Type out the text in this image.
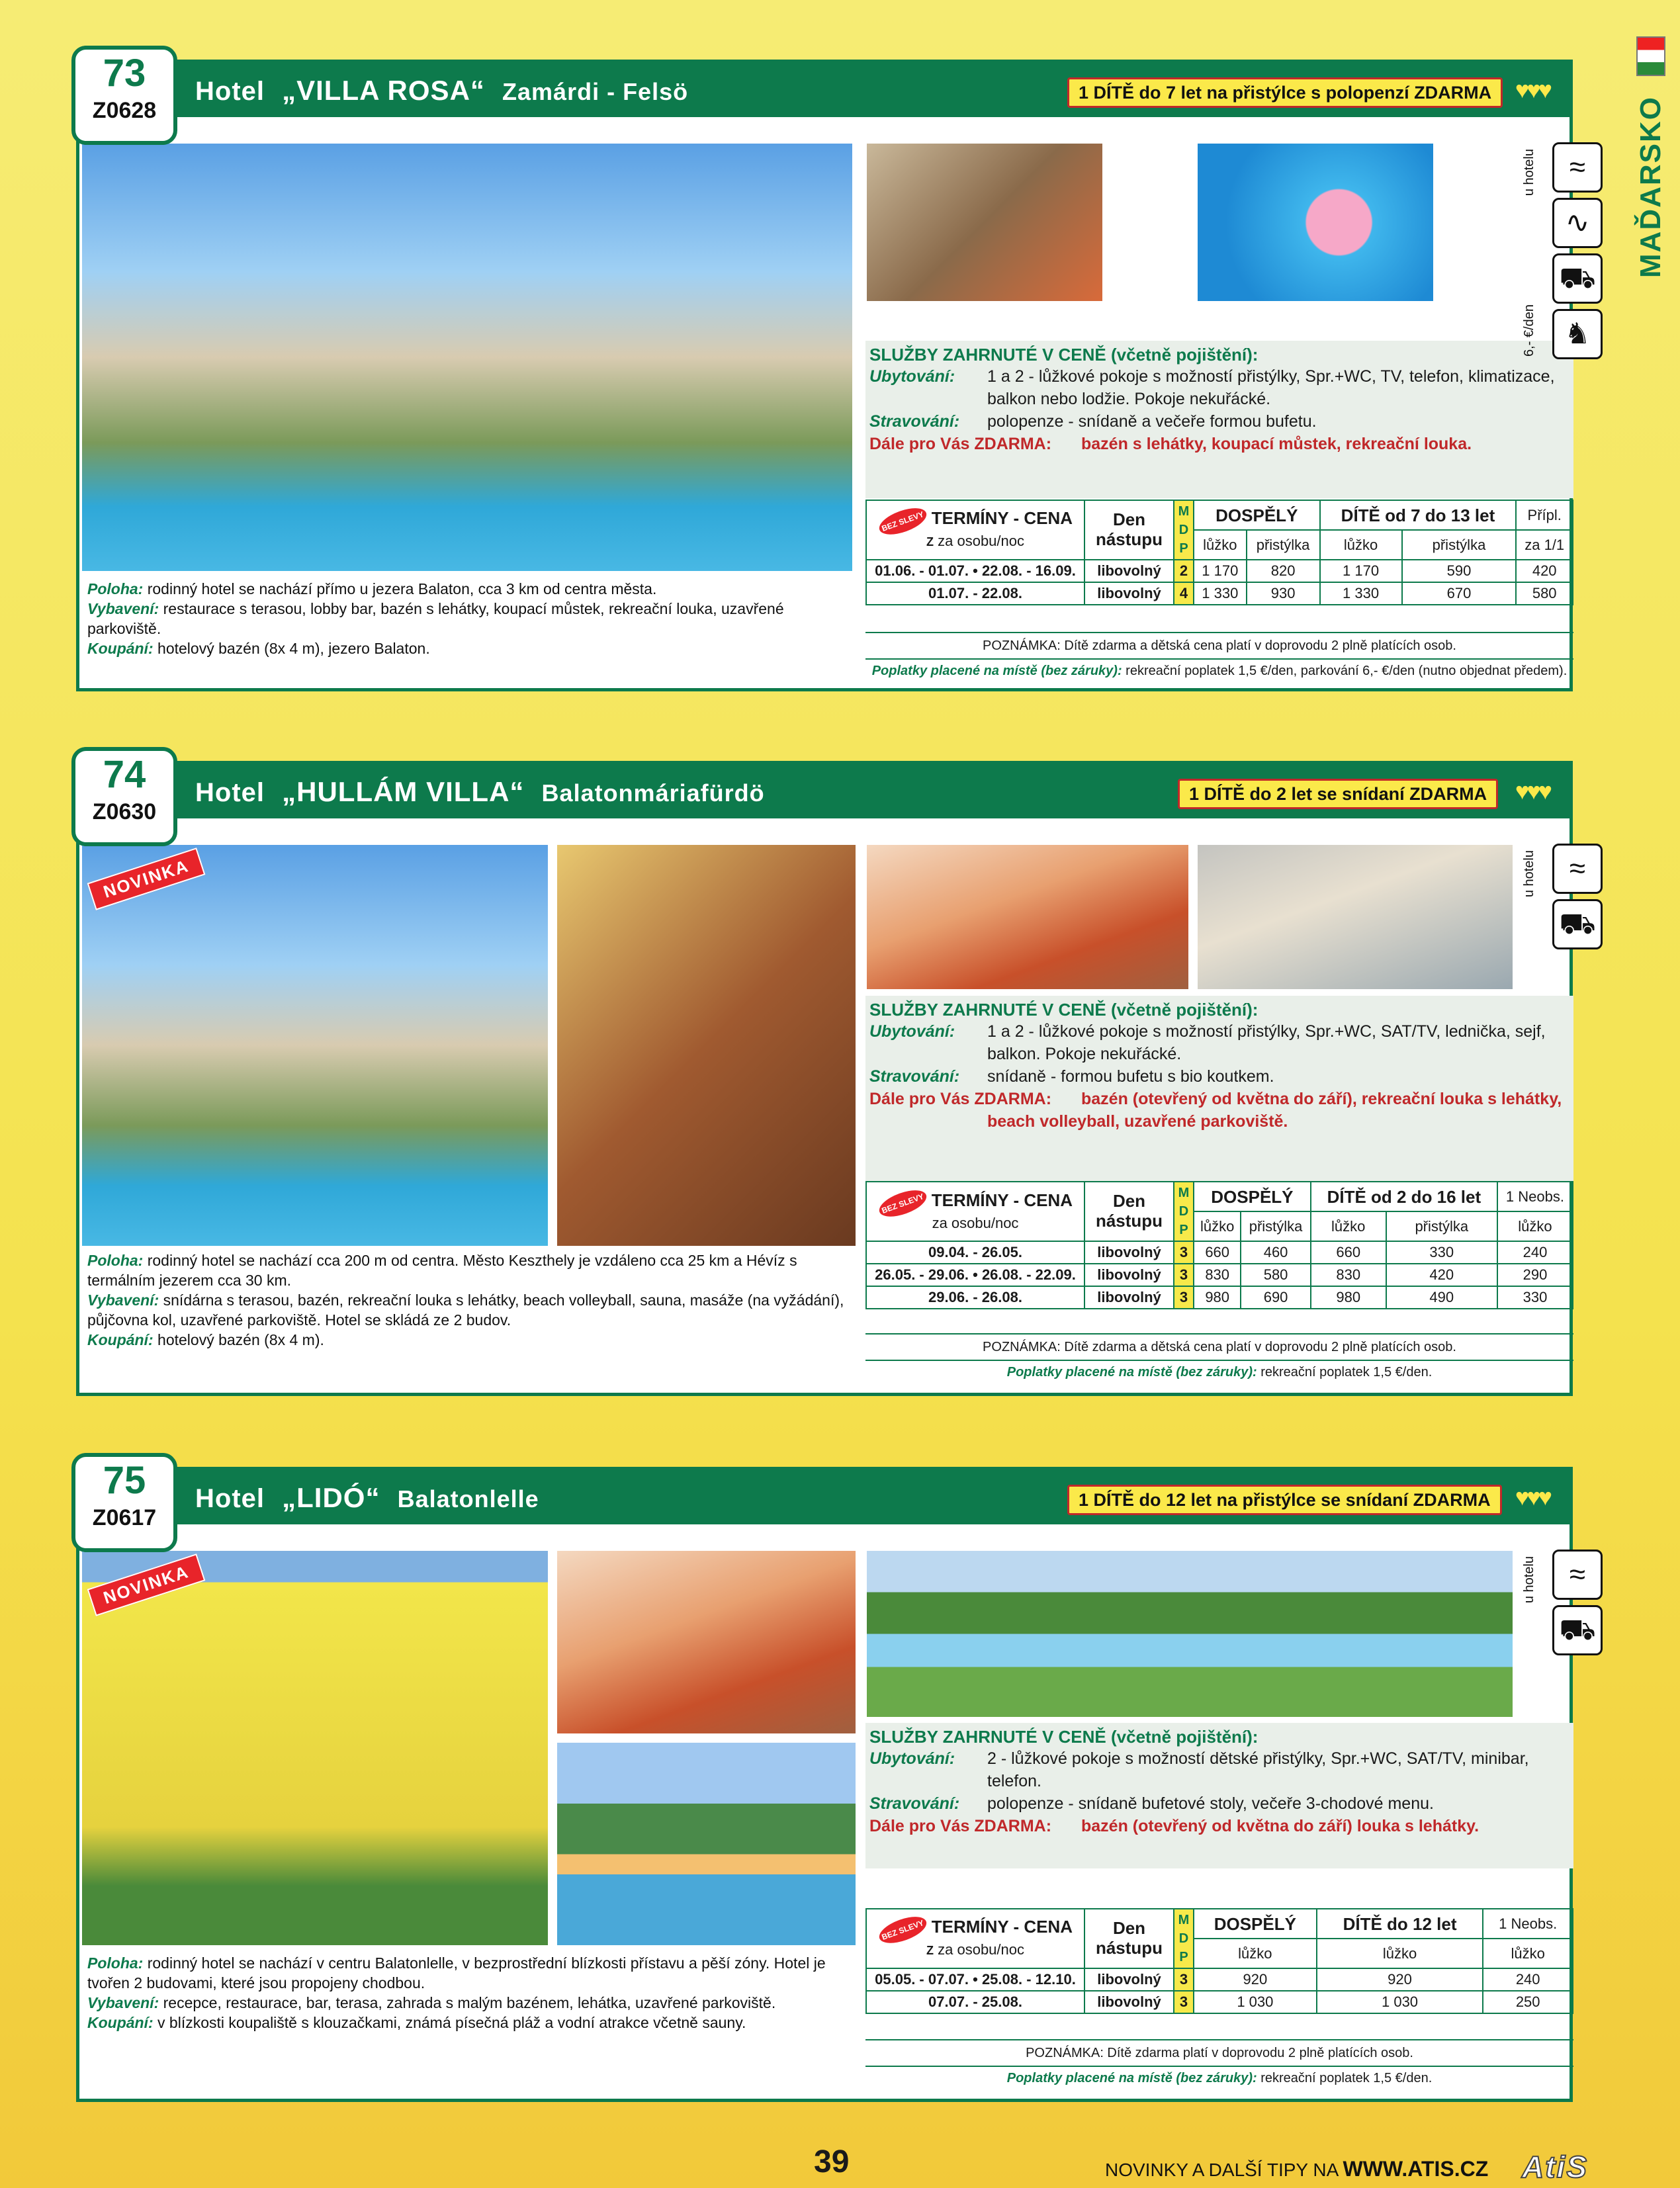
MAĎARSKO
73
Z0628
Hotel „VILLA ROSA“ Zamárdi - Felsö	1 DÍTĚ do 7 let na přistýlce s polopenzí ZDARMA ♥♥♥
Poloha: rodinný hotel se nachází přímo u jezera Balaton, cca 3 km od centra města.
Vybavení: restaurace s terasou, lobby bar, bazén s lehátky, koupací můstek, rekreační louka, uzavřené parkoviště.
Koupání: hotelový bazén (8x 4 m), jezero Balaton.
SLUŽBY ZAHRNUTÉ V CENĚ (včetně pojištění):

Ubytování: 1 a 2 - lůžkové pokoje s možností přistýlky, Spr.+WC, TV, telefon, klimatizace, balkon nebo lodžie. Pokoje nekuřácké.

Stravování: polopenze - snídaně a večeře formou bufetu.

Dále pro Vás ZDARMA: bazén s lehátky, koupací můstek, rekreační louka.

u hotelu
6,- €/den
≈
∿
⛟
♞
BEZ SLEVY TERMÍNY - CENA
Z za osobu/noc	Den
nástupu	M D P	DOSPĚLÝ		DÍTĚ od 7 do 13 let		Přípl.
			lůžko	přistýlka	lůžko	přistýlka	za 1/1
01.06. - 01.07. • 22.08. - 16.09.	libovolný	2	1 170	820	1 170	590	420
01.07. - 22.08.	libovolný	4	1 330	930	1 330	670	580
POZNÁMKA: Dítě zdarma a dětská cena platí v doprovodu 2 plně platících osob.
Poplatky placené na místě (bez záruky): rekreační poplatek 1,5 €/den, parkování 6,- €/den (nutno objednat předem).
74
Z0630
Hotel „HULLÁM VILLA“ Balatonmáriafürdö	1 DÍTĚ do 2 let se snídaní ZDARMA	♥♥♥
NOVINKA
Poloha: rodinný hotel se nachází cca 200 m od centra. Město Keszthely je vzdáleno cca 25 km a Hévíz s termálním jezerem cca 30 km.
Vybavení: snídárna s terasou, bazén, rekreační louka s lehátky, beach volleyball, sauna, masáže (na vyžádání), půjčovna kol, uzavřené parkoviště. Hotel se skládá ze 2 budov.
Koupání: hotelový bazén (8x 4 m).
SLUŽBY ZAHRNUTÉ V CENĚ (včetně pojištění):

Ubytování: 1 a 2 - lůžkové pokoje s možností přistýlky, Spr.+WC, SAT/TV, lednička, sejf, balkon. Pokoje nekuřácké.

Stravování: snídaně - formou bufetu s bio koutkem.

Dále pro Vás ZDARMA: bazén (otevřený od května do září), rekreační louka s lehátky, beach volleyball, uzavřené parkoviště.

u hotelu	≈
⛟
BEZ SLEVY TERMÍNY - CENA
za osobu/noc	Den
nástupu	M D P	DOSPĚLÝ		DÍTĚ od 2 do 16 let		1 Neobs.
			lůžko	přistýlka	lůžko	přistýlka	lůžko
09.04. - 26.05.	libovolný	3	660	460	660	330	240
26.05. - 29.06. • 26.08. - 22.09.	libovolný	3	830	580	830	420	290
29.06. - 26.08.	libovolný	3	980	690	980	490	330
POZNÁMKA: Dítě zdarma a dětská cena platí v doprovodu 2 plně platících osob.
Poplatky placené na místě (bez záruky): rekreační poplatek 1,5 €/den.
75
Z0617
Hotel „LIDÓ“ Balatonlelle	1 DÍTĚ do 12 let na přistýlce se snídaní ZDARMA	♥♥♥
NOVINKA
Poloha: rodinný hotel se nachází v centru Balatonlelle, v bezprostřední blízkosti přístavu a pěší zóny. Hotel je tvořen 2 budovami, které jsou propojeny chodbou.
Vybavení: recepce, restaurace, bar, terasa, zahrada s malým bazénem, lehátka, uzavřené parkoviště.
Koupání: v blízkosti koupaliště s klouzačkami, známá písečná pláž a vodní atrakce včetně sauny.
SLUŽBY ZAHRNUTÉ V CENĚ (včetně pojištění):

Ubytování: 2 - lůžkové pokoje s možností dětské přistýlky, Spr.+WC, SAT/TV, minibar, telefon.

Stravování: polopenze - snídaně bufetové stoly, večeře 3-chodové menu.

Dále pro Vás ZDARMA: bazén (otevřený od května do září) louka s lehátky.

u hotelu	≈
⛟
BEZ SLEVY TERMÍNY - CENA
Z za osobu/noc	Den
nástupu	M D P	DOSPĚLÝ	DÍTĚ do 12 let	1 Neobs.
			lůžko	lůžko	lůžko
05.05. - 07.07. • 25.08. - 12.10.	libovolný	3	920	920	240
07.07. - 25.08.	libovolný	3	1 030	1 030	250
POZNÁMKA: Dítě zdarma platí v doprovodu 2 plně platících osob.
Poplatky placené na místě (bez záruky): rekreační poplatek 1,5 €/den.
39	NOVINKY A DALŠÍ TIPY NA WWW.ATIS.CZ AtiS
